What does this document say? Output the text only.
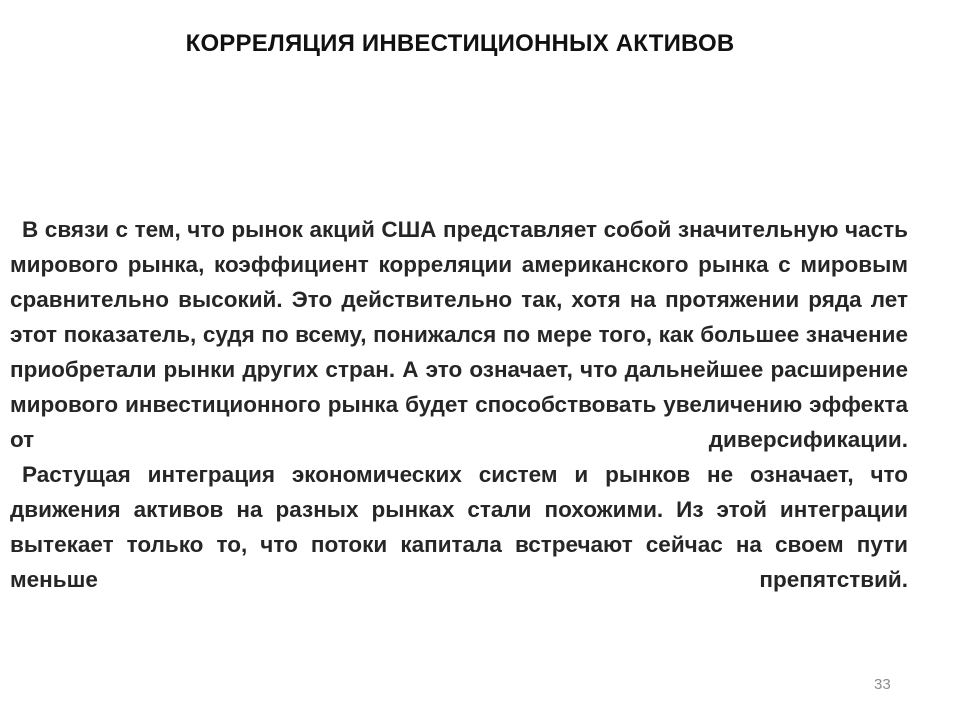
КОРРЕЛЯЦИЯ ИНВЕСТИЦИОННЫХ АКТИВОВ

В связи с тем, что рынок акций США представляет собой значительную часть мирового рынка, коэффициент корреляции американского рынка с мировым сравнительно высокий. Это действительно так, хотя на протяжении ряда лет этот показатель, судя по всему, понижался по мере того, как большее значение приобретали рынки других стран. А это означает, что дальнейшее расширение мирового инвестиционного рынка будет способствовать увеличению эффекта от диверсификации.

Растущая интеграция экономических систем и рынков не означает, что движения активов на разных рынках стали похожими. Из этой интеграции вытекает только то, что потоки капитала встречают сейчас на своем пути меньше препятствий.

33
